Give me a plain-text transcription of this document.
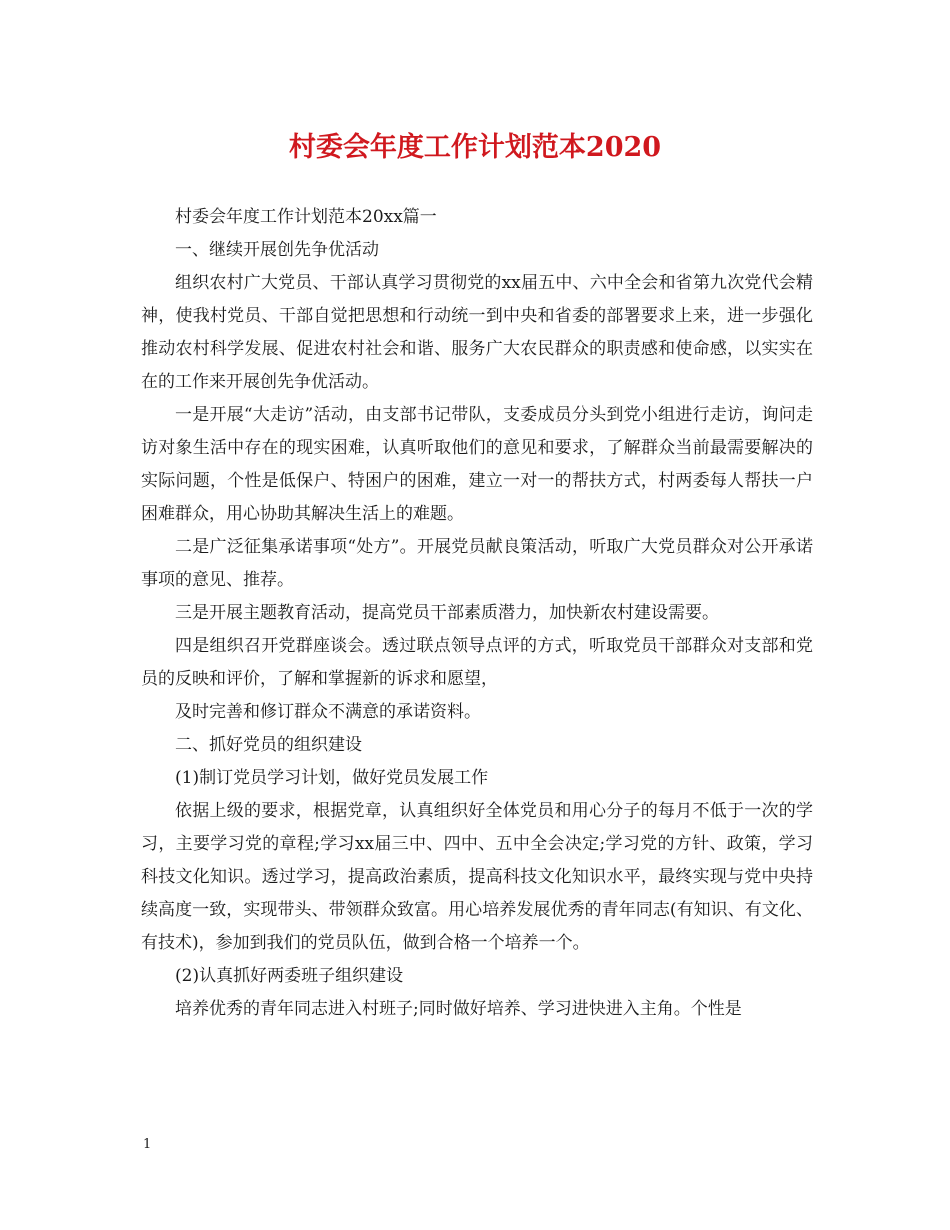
村委会年度工作计划范本2020

村委会年度工作计划范本20xx篇一

一、继续开展创先争优活动

组织农村广大党员、干部认真学习贯彻党的xx届五中、六中全会和省第九次党代会精神，使我村党员、干部自觉把思想和行动统一到中央和省委的部署要求上来，进一步强化推动农村科学发展、促进农村社会和谐、服务广大农民群众的职责感和使命感，以实实在在的工作来开展创先争优活动。

一是开展“大走访”活动，由支部书记带队，支委成员分头到党小组进行走访，询问走访对象生活中存在的现实困难，认真听取他们的意见和要求，了解群众当前最需要解决的实际问题，个性是低保户、特困户的困难，建立一对一的帮扶方式，村两委每人帮扶一户困难群众，用心协助其解决生活上的难题。

二是广泛征集承诺事项“处方”。开展党员献良策活动，听取广大党员群众对公开承诺事项的意见、推荐。

三是开展主题教育活动，提高党员干部素质潜力，加快新农村建设需要。

四是组织召开党群座谈会。透过联点领导点评的方式，听取党员干部群众对支部和党员的反映和评价，了解和掌握新的诉求和愿望，

及时完善和修订群众不满意的承诺资料。

二、抓好党员的组织建设

(1)制订党员学习计划，做好党员发展工作

依据上级的要求，根据党章，认真组织好全体党员和用心分子的每月不低于一次的学习，主要学习党的章程;学习xx届三中、四中、五中全会决定;学习党的方针、政策，学习科技文化知识。透过学习，提高政治素质，提高科技文化知识水平，最终实现与党中央持续高度一致，实现带头、带领群众致富。用心培养发展优秀的青年同志(有知识、有文化、有技术)，参加到我们的党员队伍，做到合格一个培养一个。

(2)认真抓好两委班子组织建设

培养优秀的青年同志进入村班子;同时做好培养、学习进快进入主角。个性是

1
